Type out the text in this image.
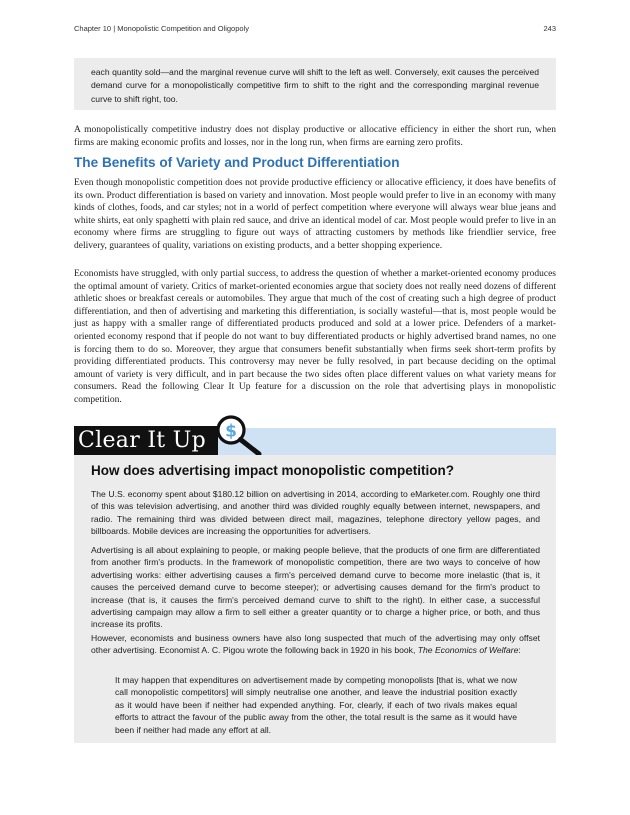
Chapter 10 | Monopolistic Competition and Oligopoly	243
each quantity sold—and the marginal revenue curve will shift to the left as well. Conversely, exit causes the perceived demand curve for a monopolistically competitive firm to shift to the right and the corresponding marginal revenue curve to shift right, too.

A monopolistically competitive industry does not display productive or allocative efficiency in either the short run, when firms are making economic profits and losses, nor in the long run, when firms are earning zero profits.

The Benefits of Variety and Product Differentiation

Even though monopolistic competition does not provide productive efficiency or allocative efficiency, it does have benefits of its own. Product differentiation is based on variety and innovation. Most people would prefer to live in an economy with many kinds of clothes, foods, and car styles; not in a world of perfect competition where everyone will always wear blue jeans and white shirts, eat only spaghetti with plain red sauce, and drive an identical model of car. Most people would prefer to live in an economy where firms are struggling to figure out ways of attracting customers by methods like friendlier service, free delivery, guarantees of quality, variations on existing products, and a better shopping experience.

Economists have struggled, with only partial success, to address the question of whether a market-oriented economy produces the optimal amount of variety. Critics of market-oriented economies argue that society does not really need dozens of different athletic shoes or breakfast cereals or automobiles. They argue that much of the cost of creating such a high degree of product differentiation, and then of advertising and marketing this differentiation, is socially wasteful—that is, most people would be just as happy with a smaller range of differentiated products produced and sold at a lower price. Defenders of a market-oriented economy respond that if people do not want to buy differentiated products or highly advertised brand names, no one is forcing them to do so. Moreover, they argue that consumers benefit substantially when firms seek short-term profits by providing differentiated products. This controversy may never be fully resolved, in part because deciding on the optimal amount of variety is very difficult, and in part because the two sides often place different values on what variety means for consumers. Read the following Clear It Up feature for a discussion on the role that advertising plays in monopolistic competition.

Clear It Up	$
How does advertising impact monopolistic competition?

The U.S. economy spent about $180.12 billion on advertising in 2014, according to eMarketer.com. Roughly one third of this was television advertising, and another third was divided roughly equally between internet, newspapers, and radio. The remaining third was divided between direct mail, magazines, telephone directory yellow pages, and billboards. Mobile devices are increasing the opportunities for advertisers.

Advertising is all about explaining to people, or making people believe, that the products of one firm are differentiated from another firm's products. In the framework of monopolistic competition, there are two ways to conceive of how advertising works: either advertising causes a firm's perceived demand curve to become more inelastic (that is, it causes the perceived demand curve to become steeper); or advertising causes demand for the firm's product to increase (that is, it causes the firm's perceived demand curve to shift to the right). In either case, a successful advertising campaign may allow a firm to sell either a greater quantity or to charge a higher price, or both, and thus increase its profits.

However, economists and business owners have also long suspected that much of the advertising may only offset other advertising. Economist A. C. Pigou wrote the following back in 1920 in his book, The Economics of Welfare:

It may happen that expenditures on advertisement made by competing monopolists [that is, what we now call monopolistic competitors] will simply neutralise one another, and leave the industrial position exactly as it would have been if neither had expended anything. For, clearly, if each of two rivals makes equal efforts to attract the favour of the public away from the other, the total result is the same as it would have been if neither had made any effort at all.
